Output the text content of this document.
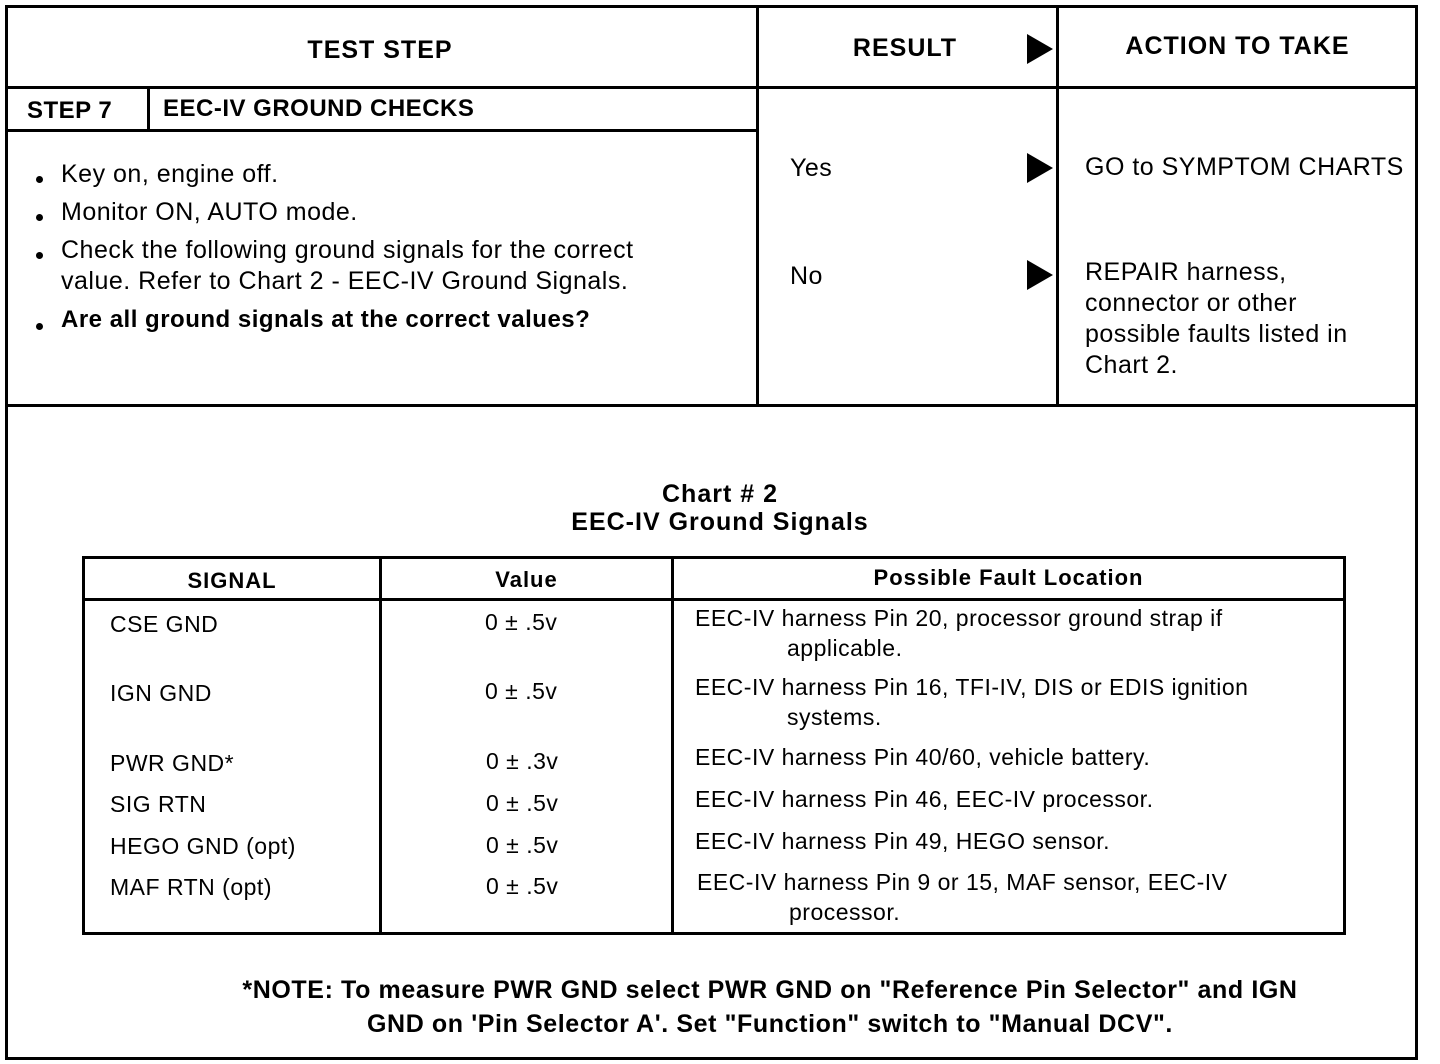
TEST STEP	RESULT	ACTION TO TAKE
STEP 7 EEC-IV GROUND CHECKS
Key on, engine off.
Monitor ON, AUTO mode.
Check the following ground signals for the correct
value. Refer to Chart 2 - EEC-IV Ground Signals.
Are all ground signals at the correct values?
Yes	GO to SYMPTOM CHARTS
No	REPAIR harness,
connector or other
possible faults listed in
Chart 2.
Chart # 2
EEC-IV Ground Signals
SIGNAL	Value	Possible Fault Location
CSE GND	0 ± .5v	EEC-IV harness Pin 20, processor ground strap if
applicable.
IGN GND	0 ± .5v	EEC-IV harness Pin 16, TFI-IV, DIS or EDIS ignition
systems.
PWR GND*	0 ± .3v	EEC-IV harness Pin 40/60, vehicle battery.
SIG RTN	0 ± .5v	EEC-IV harness Pin 46, EEC-IV processor.
HEGO GND (opt)	0 ± .5v	EEC-IV harness Pin 49, HEGO sensor.
MAF RTN (opt)	0 ± .5v	EEC-IV harness Pin 9 or 15, MAF sensor, EEC-IV
processor.
*NOTE: To measure PWR GND select PWR GND on "Reference Pin Selector" and IGN
GND on 'Pin Selector A'. Set "Function" switch to "Manual DCV".
